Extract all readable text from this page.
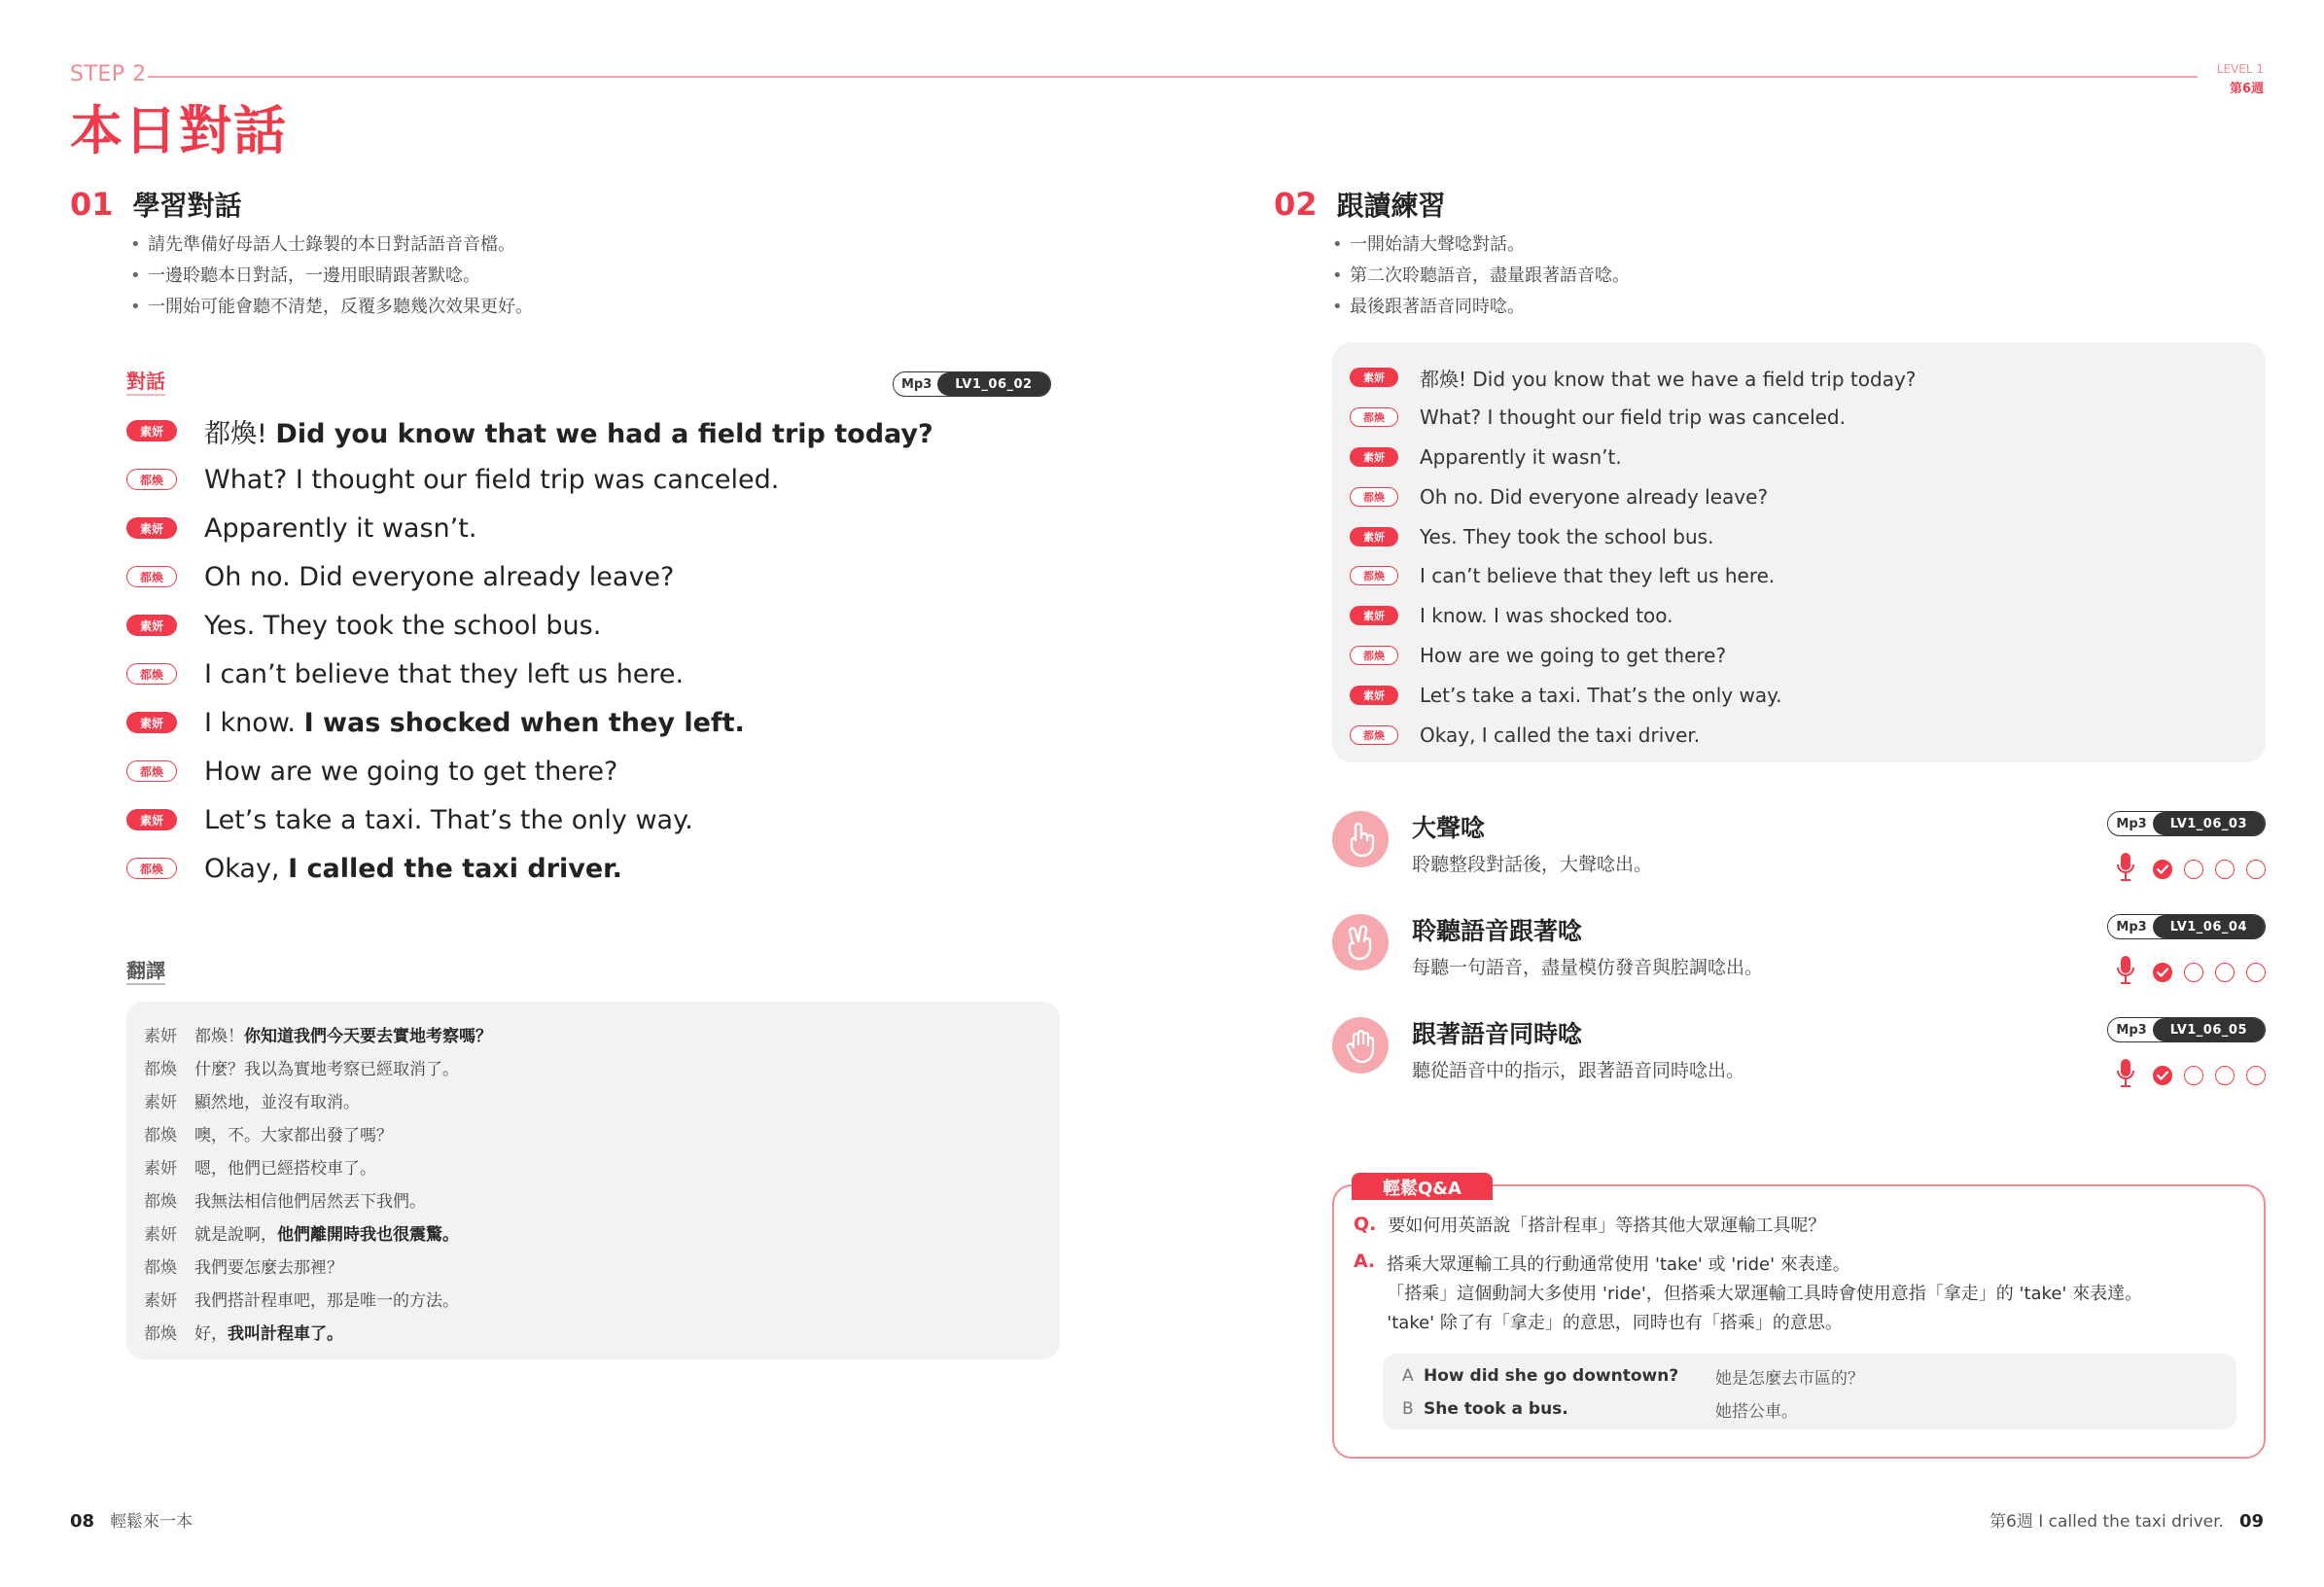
STEP 2
本日對話
LEVEL 1
第6週
01 學習對話
• 請先準備好母語人士錄製的本日對話語音音檔。
• 一邊聆聽本日對話，一邊用眼睛跟著默唸。
• 一開始可能會聽不清楚，反覆多聽幾次效果更好。
對話	Mp3	LV1_06_02
素妍	都煥! Did you know that we had a field trip today?
都煥	What? I thought our field trip was canceled.
素妍	Apparently it wasn’t.
都煥	Oh no. Did everyone already leave?
素妍	Yes. They took the school bus.
都煥	I can’t believe that they left us here.
素妍	I know. I was shocked when they left.
都煥	How are we going to get there?
素妍	Let’s take a taxi. That’s the only way.
都煥	Okay, I called the taxi driver.
翻譯
素妍	都煥！你知道我們今天要去實地考察嗎？
都煥	什麼？我以為實地考察已經取消了。
素妍	顯然地，並沒有取消。
都煥	噢，不。大家都出發了嗎？
素妍	嗯，他們已經搭校車了。
都煥	我無法相信他們居然丟下我們。
素妍	就是說啊，他們離開時我也很震驚。
都煥	我們要怎麼去那裡？
素妍	我們搭計程車吧，那是唯一的方法。
都煥	好，我叫計程車了。
02 跟讀練習
• 一開始請大聲唸對話。
• 第二次聆聽語音，盡量跟著語音唸。
• 最後跟著語音同時唸。
素妍	都煥! Did you know that we have a field trip today?
都煥	What? I thought our field trip was canceled.
素妍	Apparently it wasn’t.
都煥	Oh no. Did everyone already leave?
素妍	Yes. They took the school bus.
都煥	I can’t believe that they left us here.
素妍	I know. I was shocked too.
都煥	How are we going to get there?
素妍	Let’s take a taxi. That’s the only way.
都煥	Okay, I called the taxi driver.
大聲唸
聆聽整段對話後，大聲唸出。
Mp3	LV1_06_03
聆聽語音跟著唸
每聽一句語音，盡量模仿發音與腔調唸出。
Mp3	LV1_06_04
跟著語音同時唸
聽從語音中的指示，跟著語音同時唸出。
Mp3	LV1_06_05
輕鬆Q&A
Q. 要如何用英語說「搭計程車」等搭其他大眾運輸工具呢？
A. 搭乘大眾運輸工具的行動通常使用 'take' 或 'ride' 來表達。
「搭乘」這個動詞大多使用 'ride'，但搭乘大眾運輸工具時會使用意指「拿走」的 'take' 來表達。
'take' 除了有「拿走」的意思，同時也有「搭乘」的意思。
A How did she go downtown?	她是怎麼去市區的？
B She took a bus.	她搭公車。
08 輕鬆來一本	第6週 I called the taxi driver. 09
